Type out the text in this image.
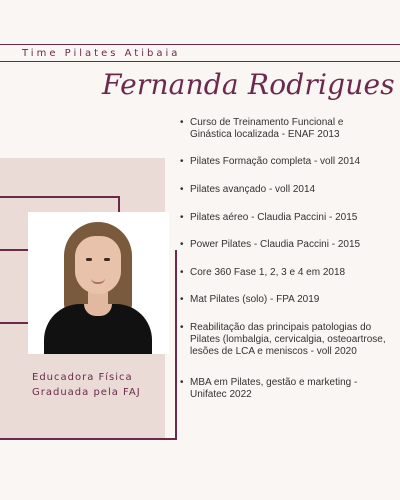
Time Pilates Atibaia
Fernanda Rodrigues
Educadora Física
Graduada pela FAJ
• Curso de Treinamento Funcional e
Ginástica localizada - ENAF 2013
• Pilates Formação completa - voll 2014
• Pilates avançado - voll 2014
• Pilates aéreo - Claudia Paccini - 2015
• Power Pilates - Claudia Paccini - 2015
• Core 360 Fase 1, 2, 3 e 4 em 2018
• Mat Pilates (solo) - FPA 2019
• Reabilitação das principais patologias do
Pilates (lombalgia, cervicalgia, osteoartrose,
lesões de LCA e meniscos - voll 2020
• MBA em Pilates, gestão e marketing -
Unifatec 2022
